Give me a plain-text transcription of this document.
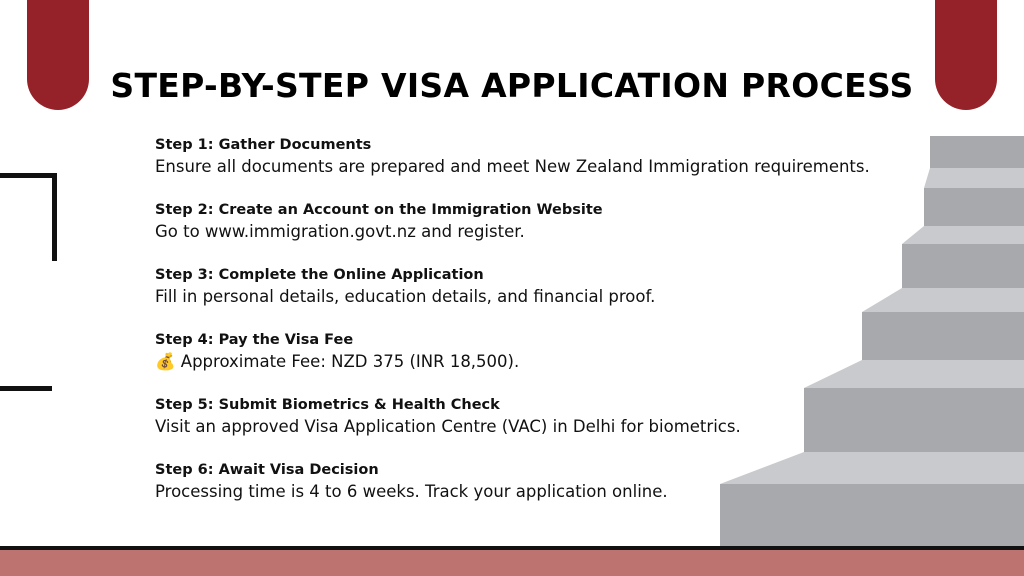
STEP-BY-STEP VISA APPLICATION PROCESS
Step 1: Gather Documents
Ensure all documents are prepared and meet New Zealand Immigration requirements.
Step 2: Create an Account on the Immigration Website
Go to www.immigration.govt.nz and register.
Step 3: Complete the Online Application
Fill in personal details, education details, and financial proof.
Step 4: Pay the Visa Fee
💰 Approximate Fee: NZD 375 (INR 18,500).
Step 5: Submit Biometrics & Health Check
Visit an approved Visa Application Centre (VAC) in Delhi for biometrics.
Step 6: Await Visa Decision
Processing time is 4 to 6 weeks. Track your application online.
